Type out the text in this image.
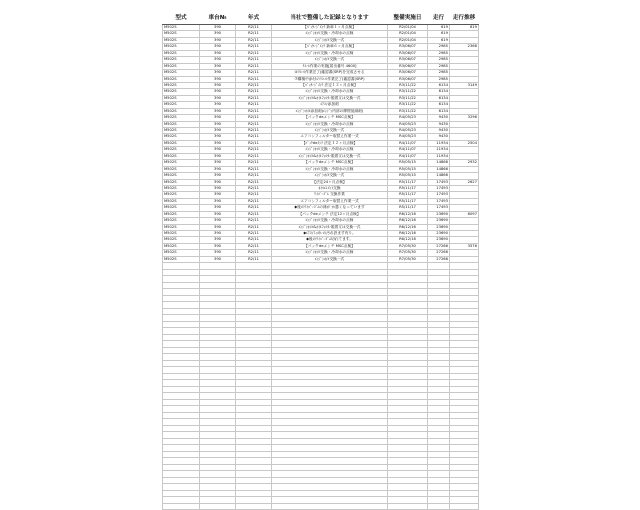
型式	車台№	年式	当社で整備した記録となります	整備実施日	走行	走行推移
M502S	390	R2/11	【ﾊﾟｯｹｰｼﾞﾒﾝﾃ 新車１ヶ月点検】	R2/01/04	619	619
M502S	390	R2/11	ｴﾝｼﾞﾝｵｲﾙ交換・冷却水の点検	R2/01/04	619	
M502S	390	R2/11	ｴﾝｼﾞﾝｵｲﾙ交換一式	R2/01/04	619	
M502S	390	R2/11	【ﾊﾟｯｹｰｼﾞﾒﾝﾃ 新車６ヶ月点検】	R3/06/07	2985	2366
M502S	390	R2/11	ｴﾝｼﾞﾝｵｲﾙ交換・冷却水の点検	R3/06/07	2985	
M502S	390	R2/11	ｴﾝｼﾞﾝｵｲﾙ交換一式	R3/06/07	2985	
M502S	390	R2/11	ﾘｺｰﾙ作業の実施[届出番号 4600]	R3/06/07	2985	
M502S	390	R2/11	④ﾘｺｰﾙ作業完了(確認書(SRP)を完成させる	R3/06/07	2985	
M502S	390	R2/11	⑦構築中添付のﾘｺｰﾙ作業完了(確認書(SRP)	R3/06/07	2985	
M502S	390	R2/11	【ﾊﾟｯｹｰｼﾞﾒﾝﾃ 法定１２ヶ月点検】	R3/11/22	6134	3149
M502S	390	R2/11	ｴﾝｼﾞﾝｵｲﾙ交換・冷却水の点検	R3/11/22	6134	
M502S	390	R2/11	ｴﾝｼﾞﾝｵｲﾙ&ｵｲﾙﾌｨﾙﾀｰ脱着又は交換一式	R3/11/22	6134	
M502S	390	R2/11	ｴｱｺﾝ添加剤	R3/11/22	6134	
M502S	390	R2/11	ｴﾝｼﾞﾝｵｲﾙ添加剤(ｴﾝｼﾞﾝ内部の摩擦低減剤)	R3/11/22	6134	
M502S	390	R2/11	【パックdeメンテ MSC点検】	R4/05/23	9430	3296
M502S	390	R2/11	ｴﾝｼﾞﾝｵｲﾙ交換・冷却水の点検	R4/05/23	9430	
M502S	390	R2/11	ｴﾝｼﾞﾝｵｲﾙ交換一式	R4/05/23	9430	
M502S	390	R2/11	エアコンフィルター取替え作業一式	R4/05/23	9430	
M502S	390	R2/11	【ﾊﾟｯｸdeﾒﾝﾃ 法定１２ヶ月点検】	R4/11/07	11934	2504
M502S	390	R2/11	ｴﾝｼﾞﾝｵｲﾙ交換・冷却水の点検	R4/11/07	11934	
M502S	390	R2/11	ｴﾝｼﾞﾝｵｲﾙ&ｵｲﾙﾌｨﾙﾀｰ脱着又は交換一式	R4/11/07	11934	
M502S	390	R2/11	【パックdeメンテ MSC点検】	R5/05/15	14866	2932
M502S	390	R2/11	ｴﾝｼﾞﾝｵｲﾙ交換・冷却水の点検	R5/05/15	14866	
M502S	390	R2/11	ｴﾝｼﾞﾝｵｲﾙ交換一式	R5/05/15	14866	
M502S	390	R2/11	【法定24ヶ月点検】	R5/11/17	17493	2627
M502S	390	R2/11	ｵｲﾙｴﾚﾒﾝﾄ交換	R5/11/17	17493	
M502S	390	R2/11	ﾜｲﾊﾟｰｺﾞﾑ 交換作業	R5/11/17	17493	
M502S	390	R2/11	エアコンフィルター取替え作業一式	R5/11/17	17493	
M502S	390	R2/11	◆後のﾜｲﾊﾟｰｺﾞﾑの縁が か悪くなっています	R5/11/17	17493	
M502S	390	R2/11	【パックdeメンテ 法定12ヶ月点検】	R6/12/16	23690	6097
M502S	390	R2/11	ｴﾝｼﾞﾝｵｲﾙ交換・冷却水の点検	R6/12/16	23690	
M502S	390	R2/11	ｴﾝｼﾞﾝｵｲﾙ&ｵｲﾙﾌｨﾙﾀｰ脱着又は交換一式	R6/12/16	23690	
M502S	390	R2/11	◆ｴｱｺﾝﾌｨﾙﾀｰの汚れ設ます有り。	R6/12/16	23690	
M502S	390	R2/11	◆後のﾜｲﾊﾟｰｺﾞﾑ切れてます。	R6/12/16	23690	
M502S	390	R2/11	【パックdeメンテ MSC点検】	R7/05/30	27266	3576
M502S	390	R2/11	ｴﾝｼﾞﾝｵｲﾙ交換・冷却水の点検	R7/05/30	27266	
M502S	390	R2/11	ｴﾝｼﾞﾝｵｲﾙ交換一式	R7/05/30	27266	
